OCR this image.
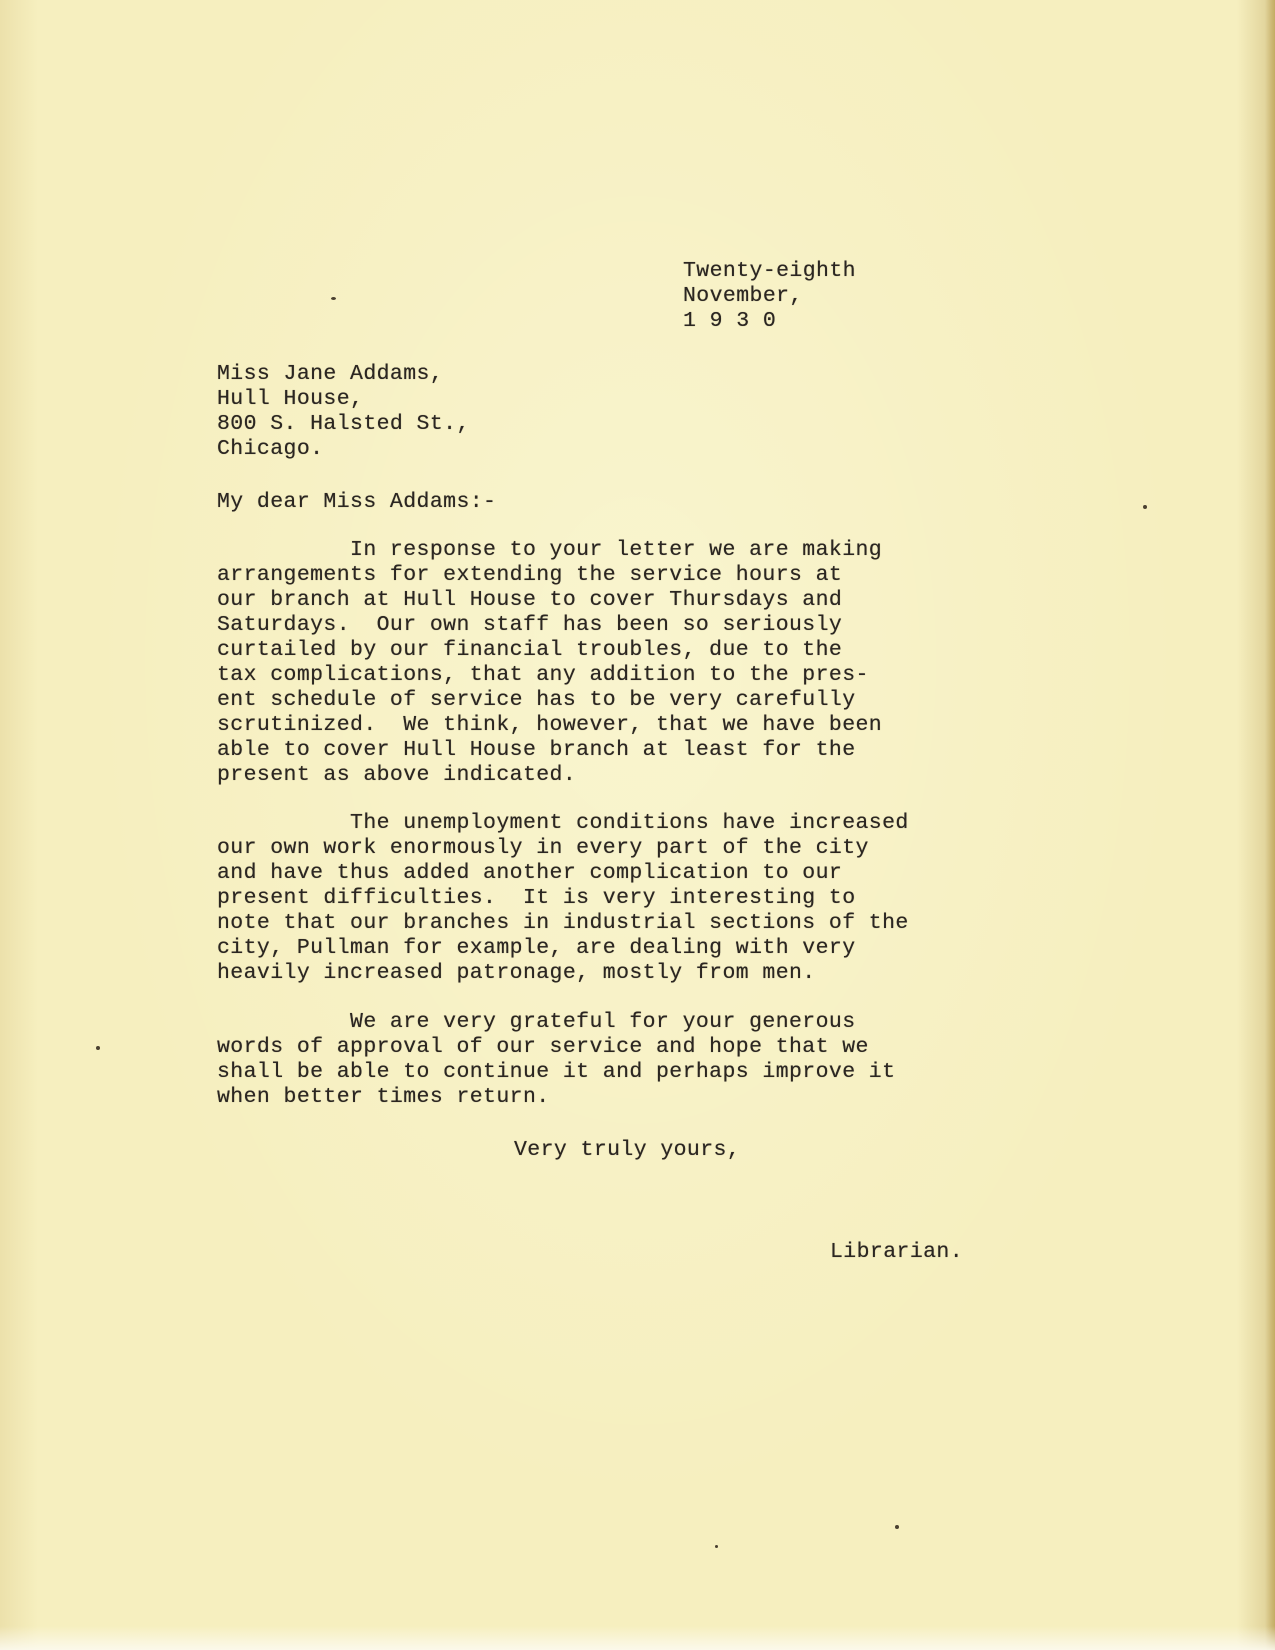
Twenty-eighth
November,
1 9 3 0
Miss Jane Addams,
Hull House,
800 S. Halsted St.,
Chicago.
My dear Miss Addams:-
In response to your letter we are making
arrangements for extending the service hours at
our branch at Hull House to cover Thursdays and
Saturdays.  Our own staff has been so seriously
curtailed by our financial troubles, due to the
tax complications, that any addition to the pres-
ent schedule of service has to be very carefully
scrutinized.  We think, however, that we have been
able to cover Hull House branch at least for the
present as above indicated.
The unemployment conditions have increased
our own work enormously in every part of the city
and have thus added another complication to our
present difficulties.  It is very interesting to
note that our branches in industrial sections of the
city, Pullman for example, are dealing with very
heavily increased patronage, mostly from men.
We are very grateful for your generous
words of approval of our service and hope that we
shall be able to continue it and perhaps improve it
when better times return.
Very truly yours,
Librarian.
